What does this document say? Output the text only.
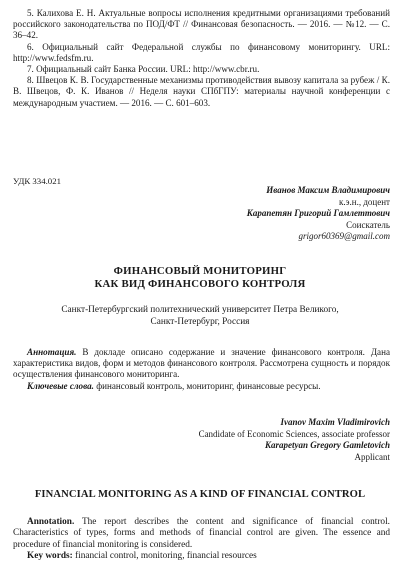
5. Калихова Е. Н. Актуальные вопросы исполнения кредитными организациями требований российского законодательства по ПОД/ФТ // Финансовая безопасность. — 2016. — №12. — С. 36–42.

6. Официальный сайт Федеральной службы по финансовому мониторингу. URL: http://www.fedsfm.ru.

7. Официальный сайт Банка России. URL: http://www.cbr.ru.

8. Швецов К. В. Государственные механизмы противодействия вывозу капитала за рубеж / К. В. Швецов, Ф. К. Иванов // Неделя науки СПбГПУ: материалы научной конференции с международным участием. — 2016. — С. 601–603.

УДК 334.021
Иванов Максим Владимирович
к.э.н., доцент
Карапетян Григорий Гамлеттович
Соискатель
grigor60369@gmail.com
ФИНАНСОВЫЙ МОНИТОРИНГ
КАК ВИД ФИНАНСОВОГО КОНТРОЛЯ
Санкт-Петербургский политехнический университет Петра Великого,
Санкт-Петербург, Россия

Аннотация. В докладе описано содержание и значение финансового контроля. Дана характеристика видов, форм и методов финансового контроля. Рассмотрена сущность и порядок осуществления финансового мониторинга.

Ключевые слова. финансовый контроль, мониторинг, финансовые ресурсы.

Ivanov Maxim Vladimirovich
Candidate of Economic Sciences, associate professor
Karapetyan Gregory Gamletovich
Applicant
FINANCIAL MONITORING AS A KIND OF FINANCIAL CONTROL

Annotation. The report describes the content and significance of financial control. Characteristics of types, forms and methods of financial control are given. The essence and procedure of financial monitoring is considered.

Key words: financial control, monitoring, financial resources
